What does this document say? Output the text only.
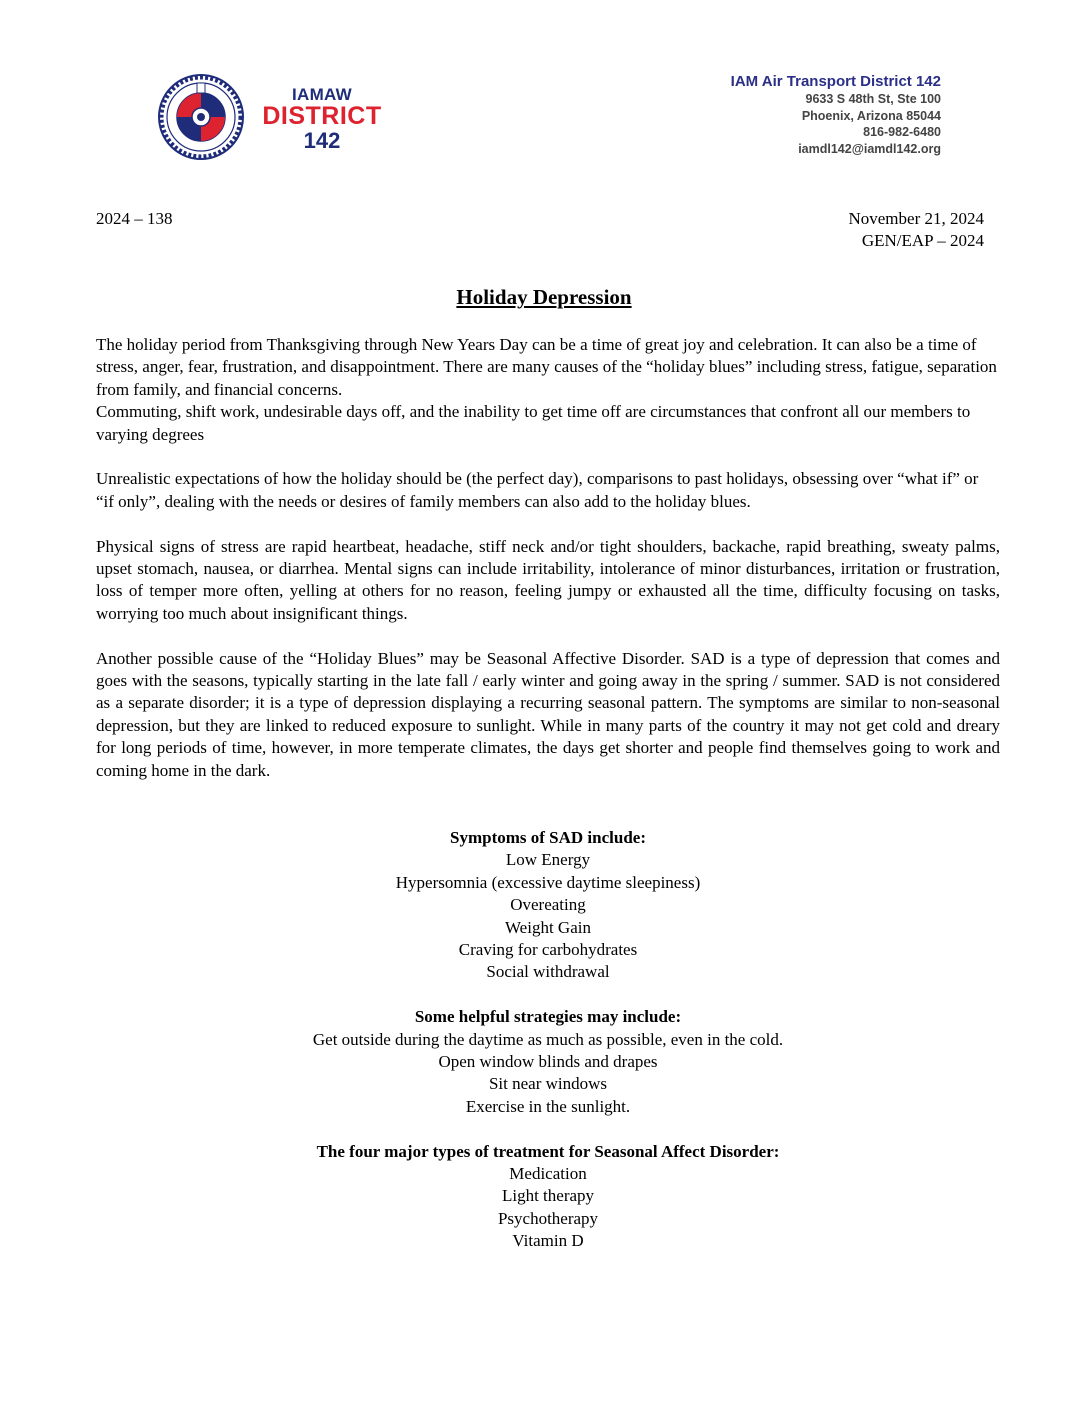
IAMAW
DISTRICT
142
IAM Air Transport District 142
9633 S 48th St, Ste 100
Phoenix, Arizona 85044
816-982-6480
iamdl142@iamdl142.org
2024 – 138	November 21, 2024
GEN/EAP – 2024
Holiday Depression

The holiday period from Thanksgiving through New Years Day can be a time of great joy and celebration. It can also be a time of stress, anger, fear, frustration, and disappointment. There are many causes of the “holiday blues” including stress, fatigue, separation from family, and financial concerns.

Commuting, shift work, undesirable days off, and the inability to get time off are circumstances that confront all our members to varying degrees

Unrealistic expectations of how the holiday should be (the perfect day), comparisons to past holidays, obsessing over “what if” or “if only”, dealing with the needs or desires of family members can also add to the holiday blues.

Physical signs of stress are rapid heartbeat, headache, stiff neck and/or tight shoulders, backache, rapid breathing, sweaty palms, upset stomach, nausea, or diarrhea. Mental signs can include irritability, intolerance of minor disturbances, irritation or frustration, loss of temper more often, yelling at others for no reason, feeling jumpy or exhausted all the time, difficulty focusing on tasks, worrying too much about insignificant things.

Another possible cause of the “Holiday Blues” may be Seasonal Affective Disorder. SAD is a type of depression that comes and goes with the seasons, typically starting in the late fall / early winter and going away in the spring / summer. SAD is not considered as a separate disorder; it is a type of depression displaying a recurring seasonal pattern. The symptoms are similar to non-seasonal depression, but they are linked to reduced exposure to sunlight. While in many parts of the country it may not get cold and dreary for long periods of time, however, in more temperate climates, the days get shorter and people find themselves going to work and coming home in the dark.

Symptoms of SAD include:
Low Energy
Hypersomnia (excessive daytime sleepiness)
Overeating
Weight Gain
Craving for carbohydrates
Social withdrawal
Some helpful strategies may include:
Get outside during the daytime as much as possible, even in the cold.
Open window blinds and drapes
Sit near windows
Exercise in the sunlight.
The four major types of treatment for Seasonal Affect Disorder:
Medication
Light therapy
Psychotherapy
Vitamin D
